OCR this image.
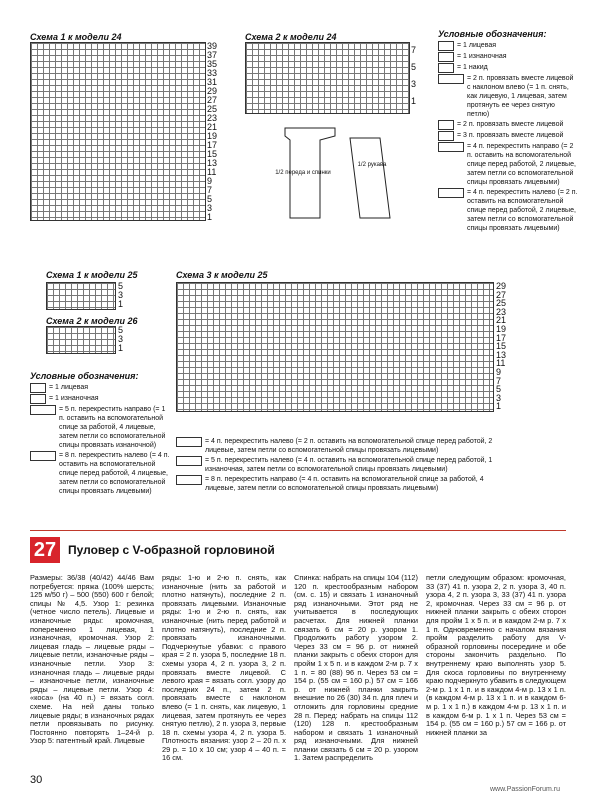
Схема 1 к модели 24
39
37
35
33
31
29
27
25
23
21
19
17
15
13
11
9
7
5
3
1
Схема 2 к модели 24
7
5
3
1
Условные обозначения:
= 1 лицевая
= 1 изнаночная
= 1 накид
= 2 п. провязать вместе лицевой с наклоном влево (= 1 п. снять, как лицевую, 1 лицевая, затем протянуть ее через снятую петлю)
= 2 п. провязать вместе лицевой
= 3 п. провязать вместе лицевой
= 4 п. перекрестить направо (= 2 п. оставить на вспомогательной спице перед работой, 2 лицевые, затем петли со вспомогательной спицы провязать лицевыми)
= 4 п. перекрестить налево (= 2 п. оставить на вспомогательной спице перед работой, 2 лицевые, затем петли со вспомогательной спицы провязать лицевыми)
1/2 переда и спинки
1/2 рукава
Схема 1 к модели 25
5
3
1
Схема 2 к модели 26
5
3
1
Схема 3 к модели 25
29
27
25
23
21
19
17
15
13
11
9
7
5
3
1
Условные обозначения:
= 1 лицевая
= 1 изнаночная
= 5 п. перекрестить направо (= 1 п. оставить на вспомогательной спице за работой, 4 лицевые, затем петли со вспомогательной спицы провязать изнаночной)
= 8 п. перекрестить налево (= 4 п. оставить на вспомогательной спице перед работой, 4 лицевые, затем петли со вспомогательной спицы провязать лицевыми)
= 4 п. перекрестить налево (= 2 п. оставить на вспомогательной спице перед работой, 2 лицевые, затем петли со вспомогательной спицы провязать лицевыми)
= 5 п. перекрестить налево (= 4 п. оставить на вспомогательной спице перед работой, 1 изнаночная, затем петли со вспомогательной спицы провязать лицевыми)
= 8 п. перекрестить направо (= 4 п. оставить на вспомогательной спице за работой, 4 лицевые, затем петли со вспомогательной спицы провязать лицевыми)
27 Пуловер с V-образной горловиной
Размеры: 36/38 (40/42) 44/46 Вам потребуется: пряжа (100% шерсть; 125 м/50 г) – 500 (550) 600 г белой; спицы № 4,5. Узор 1: резинка (четное число петель). Лицевые и изнаночные ряды: кромочная, попеременно 1 лицевая, 1 изнаночная, кромочная. Узор 2: лицевая гладь – лицевые ряды – лицевые петли, изнаночные ряды – изнаночные петли. Узор 3: изнаночная гладь – лицевые ряды – изнаночные петли, изнаночные ряды – лицевые петли. Узор 4: «коса» (на 40 п.) = вязать согл. схеме. На ней даны только лицевые ряды; в изнаночных рядах петли провязывать по рисунку. Постоянно повторять 1–24-й р. Узор 5: патентный край. Лицевые
ряды: 1-ю и 2-ю п. снять, как изнаночные (нить за работой и плотно натянуть), последние 2 п. провязать лицевыми. Изнаночные ряды: 1-ю и 2-ю п. снять, как изнаночные (нить перед работой и плотно натянуть), последние 2 п. провязать изнаночными. Подчеркнутые убавки: с правого края = 2 п. узора 5, последние 18 п. схемы узора 4, 2 п. узора 3, 2 п. провязать вместе лицевой. С левого края = вязать согл. узору до последних 24 п., затем 2 п. провязать вместе с наклоном влево (= 1 п. снять, как лицевую, 1 лицевая, затем протянуть ее через снятую петлю), 2 п. узора 3, первые 18 п. схемы узора 4, 2 п. узора 5. Плотность вязания: узор 2 – 20 п. х 29 р. = 10 х 10 см; узор 4 – 40 п. = 16 см.
Спинка: набрать на спицы 104 (112) 120 п. крестообразным набором (см. с. 15) и связать 1 изнаночный ряд изнаночными. Этот ряд не учитывается в последующих расчетах. Для нижней планки связать 6 см = 20 р. узором 1. Продолжить работу узором 2. Через 33 см = 96 р. от нижней планки закрыть с обеих сторон для пройм 1 х 5 п. и в каждом 2-м р. 7 х 1 п. = 80 (88) 96 п. Через 53 см = 154 р. (55 см = 160 р.) 57 см = 166 р. от нижней планки закрыть внешние по 26 (30) 34 п. для плеч и отложить для горловины средние 28 п. Перед: набрать на спицы 112 (120) 128 п. крестообразным набором и связать 1 изнаночный ряд изнаночными. Для нижней планки связать 6 см = 20 р. узором 1. Затем распределить
петли следующим образом: кромочная, 33 (37) 41 п. узора 2, 2 п. узора 3, 40 п. узора 4, 2 п. узора 3, 33 (37) 41 п. узора 2, кромочная. Через 33 см = 96 р. от нижней планки закрыть с обеих сторон для пройм 1 х 5 п. и в каждом 2-м р. 7 х 1 п. Одновременно с началом вязания пройм разделить работу для V-образной горловины посередине и обе стороны закончить раздельно. По внутреннему краю выполнять узор 5. Для скоса горловины по внутреннему краю подчеркнуто убавить в следующем 2-м р. 1 х 1 п. и в каждом 4-м р. 13 х 1 п. (в каждом 4-м р. 13 х 1 п. и в каждом 6-м р. 1 х 1 п.) в каждом 4-м р. 13 х 1 п. и в каждом 6-м р. 1 х 1 п. Через 53 см = 154 р. (55 см = 160 р.) 57 см = 166 р. от нижней планки за
30
www.PassionForum.ru
